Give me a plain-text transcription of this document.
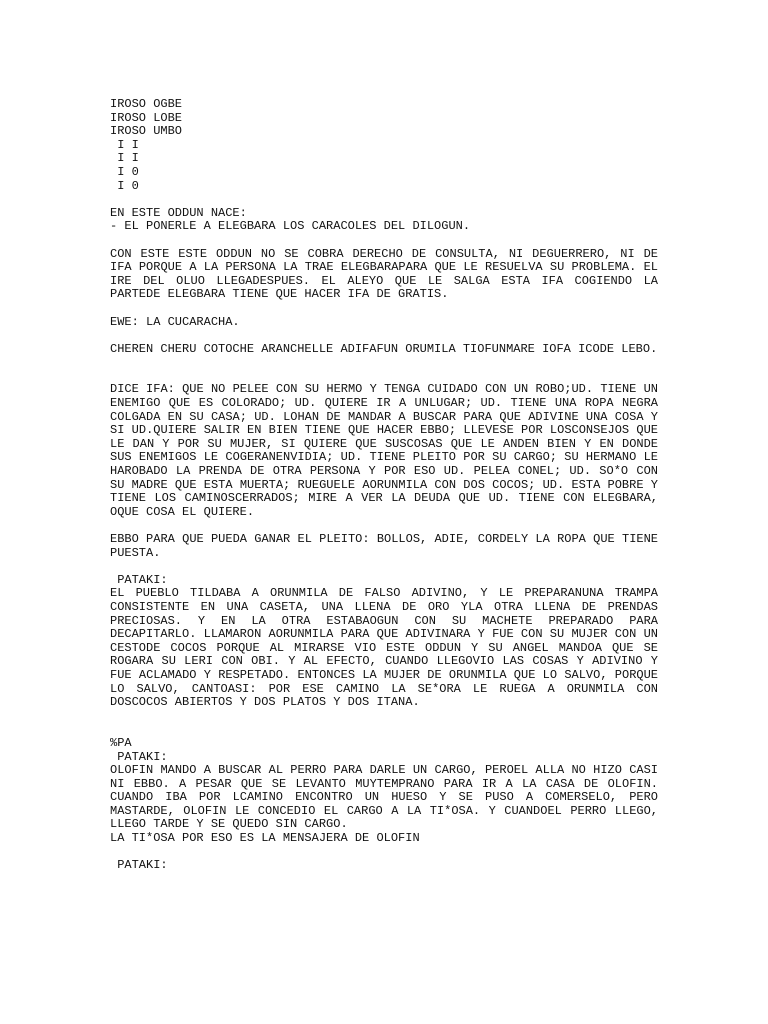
IROSO OGBE
IROSO LOBE
IROSO UMBO
I I
I I
I 0
I 0
EN ESTE ODDUN NACE:
- EL PONERLE A ELEGBARA LOS CARACOLES DEL DILOGUN.

CON ESTE ESTE ODDUN NO SE COBRA DERECHO DE CONSULTA, NI DEGUERRERO, NI DE IFA PORQUE A LA PERSONA LA TRAE ELEGBARAPARA QUE LE RESUELVA SU PROBLEMA. EL IRE DEL OLUO LLEGADESPUES. EL ALEYO QUE LE SALGA ESTA IFA COGIENDO LA PARTEDE ELEGBARA TIENE QUE HACER IFA DE GRATIS.

EWE: LA CUCARACHA.

CHEREN CHERU COTOCHE ARANCHELLE ADIFAFUN ORUMILA TIOFUNMARE IOFA ICODE LEBO.

DICE IFA: QUE NO PELEE CON SU HERMO Y TENGA CUIDADO CON UN ROBO;UD. TIENE UN ENEMIGO QUE ES COLORADO; UD. QUIERE IR A UNLUGAR; UD. TIENE UNA ROPA NEGRA COLGADA EN SU CASA; UD. LOHAN DE MANDAR A BUSCAR PARA QUE ADIVINE UNA COSA Y SI UD.QUIERE SALIR EN BIEN TIENE QUE HACER EBBO; LLEVESE POR LOSCONSEJOS QUE LE DAN Y POR SU MUJER, SI QUIERE QUE SUSCOSAS QUE LE ANDEN BIEN Y EN DONDE SUS ENEMIGOS LE COGERANENVIDIA; UD. TIENE PLEITO POR SU CARGO; SU HERMANO LE HAROBADO LA PRENDA DE OTRA PERSONA Y POR ESO UD. PELEA CONEL; UD. SO*O CON SU MADRE QUE ESTA MUERTA; RUEGUELE AORUNMILA CON DOS COCOS; UD. ESTA POBRE Y TIENE LOS CAMINOSCERRADOS; MIRE A VER LA DEUDA QUE UD. TIENE CON ELEGBARA, OQUE COSA EL QUIERE.

EBBO PARA QUE PUEDA GANAR EL PLEITO: BOLLOS, ADIE, CORDELY LA ROPA QUE TIENE PUESTA.

PATAKI:

EL PUEBLO TILDABA A ORUNMILA DE FALSO ADIVINO, Y LE PREPARANUNA TRAMPA CONSISTENTE EN UNA CASETA, UNA LLENA DE ORO YLA OTRA LLENA DE PRENDAS PRECIOSAS. Y EN LA OTRA ESTABAOGUN CON SU MACHETE PREPARADO PARA DECAPITARLO. LLAMARON AORUNMILA PARA QUE ADIVINARA Y FUE CON SU MUJER CON UN CESTODE COCOS PORQUE AL MIRARSE VIO ESTE ODDUN Y SU ANGEL MANDOA QUE SE ROGARA SU LERI CON OBI. Y AL EFECTO, CUANDO LLEGOVIO LAS COSAS Y ADIVINO Y FUE ACLAMADO Y RESPETADO. ENTONCES LA MUJER DE ORUNMILA QUE LO SALVO, PORQUE LO SALVO, CANTOASI: POR ESE CAMINO LA SE*ORA LE RUEGA A ORUNMILA CON DOSCOCOS ABIERTOS Y DOS PLATOS Y DOS ITANA.

%PA
PATAKI:

OLOFIN MANDO A BUSCAR AL PERRO PARA DARLE UN CARGO, PEROEL ALLA NO HIZO CASI NI EBBO. A PESAR QUE SE LEVANTO MUYTEMPRANO PARA IR A LA CASA DE OLOFIN. CUANDO IBA POR LCAMINO ENCONTRO UN HUESO Y SE PUSO A COMERSELO, PERO MASTARDE, OLOFIN LE CONCEDIO EL CARGO A LA TI*OSA. Y CUANDOEL PERRO LLEGO, LLEGO TARDE Y SE QUEDO SIN CARGO.

LA TI*OSA POR ESO ES LA MENSAJERA DE OLOFIN
PATAKI:
